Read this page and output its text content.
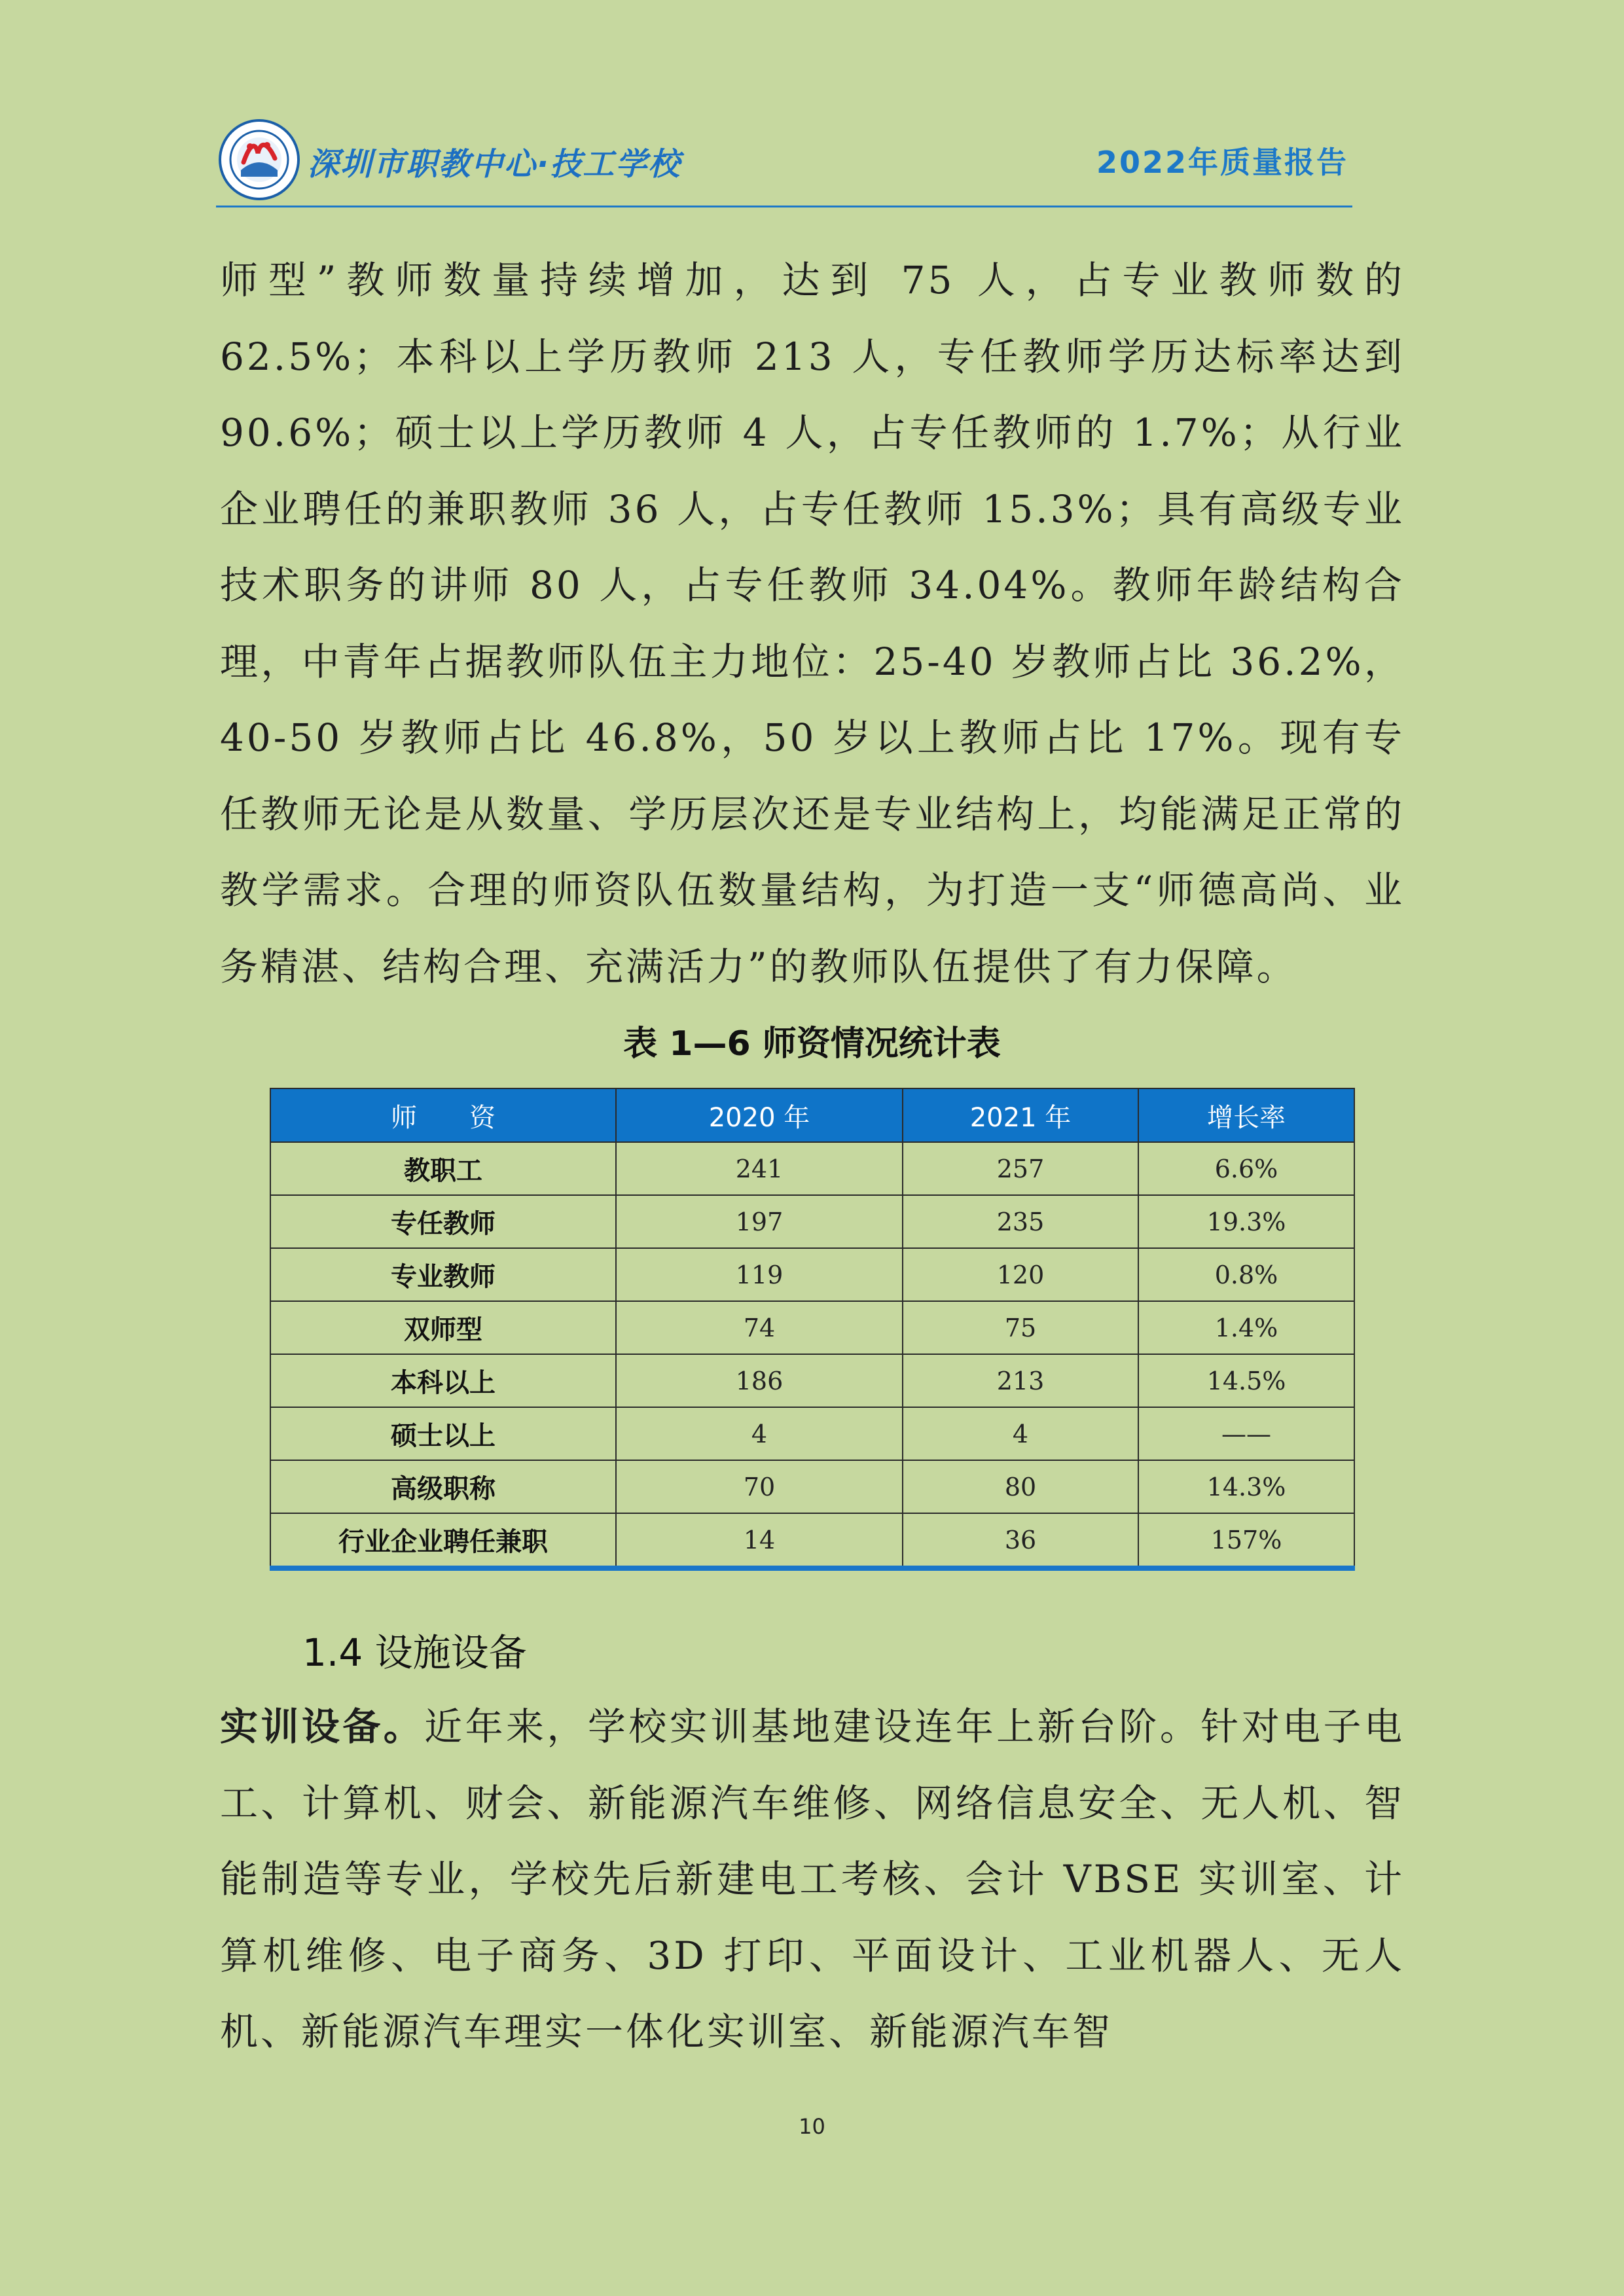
深圳市职教中心·技工学校	2022年质量报告

师型”教师数量持续增加，达到 75 人，占专业教师数的 62.5%；本科以上学历教师 213 人，专任教师学历达标率达到 90.6%；硕士以上学历教师 4 人，占专任教师的 1.7%；从行业企业聘任的兼职教师 36 人，占专任教师 15.3%；具有高级专业技术职务的讲师 80 人，占专任教师 34.04%。教师年龄结构合理，中青年占据教师队伍主力地位：25-40 岁教师占比 36.2%，40-50 岁教师占比 46.8%，50 岁以上教师占比 17%。现有专任教师无论是从数量、学历层次还是专业结构上，均能满足正常的教学需求。合理的师资队伍数量结构，为打造一支“师德高尚、业务精湛、结构合理、充满活力”的教师队伍提供了有力保障。

表 1—6 师资情况统计表
师　　资	2020 年	2021 年	增长率
教职工	241	257	6.6%
专任教师	197	235	19.3%
专业教师	119	120	0.8%
双师型	74	75	1.4%
本科以上	186	213	14.5%
硕士以上	4	4	——
高级职称	70	80	14.3%
行业企业聘任兼职	14	36	157%
1.4 设施设备

实训设备。近年来，学校实训基地建设连年上新台阶。针对电子电工、计算机、财会、新能源汽车维修、网络信息安全、无人机、智能制造等专业，学校先后新建电工考核、会计 VBSE 实训室、计算机维修、电子商务、3D 打印、平面设计、工业机器人、无人机、新能源汽车理实一体化实训室、新能源汽车智

10
